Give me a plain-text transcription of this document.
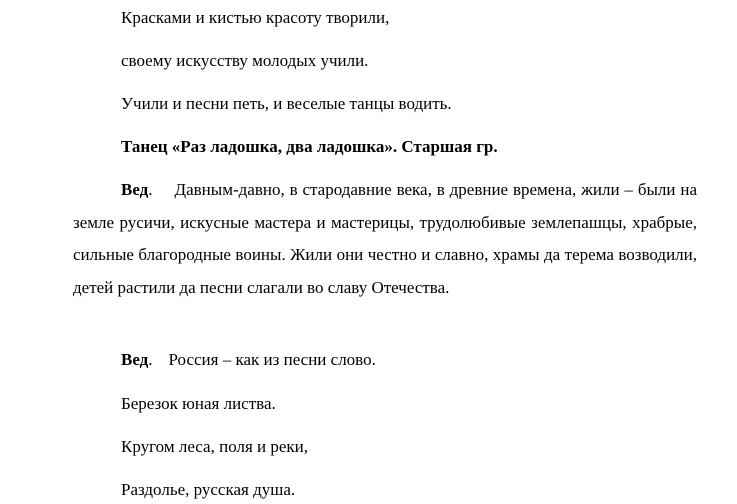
Красками и кистью красоту творили,
своему искусству молодых учили.
Учили и песни петь, и веселые танцы водить.
Танец «Раз ладошка, два ладошка». Старшая гр.

Вед. Давным-давно, в стародавние века, в древние времена, жили – были на земле русичи, искусные мастера и мастерицы, трудолюбивые землепашцы, храбрые, сильные благородные воины. Жили они честно и славно, храмы да терема возводили, детей растили да песни слагали во славу Отечества.

Вед. Россия – как из песни слово.
Березок юная листва.
Кругом леса, поля и реки,
Раздолье, русская душа.
